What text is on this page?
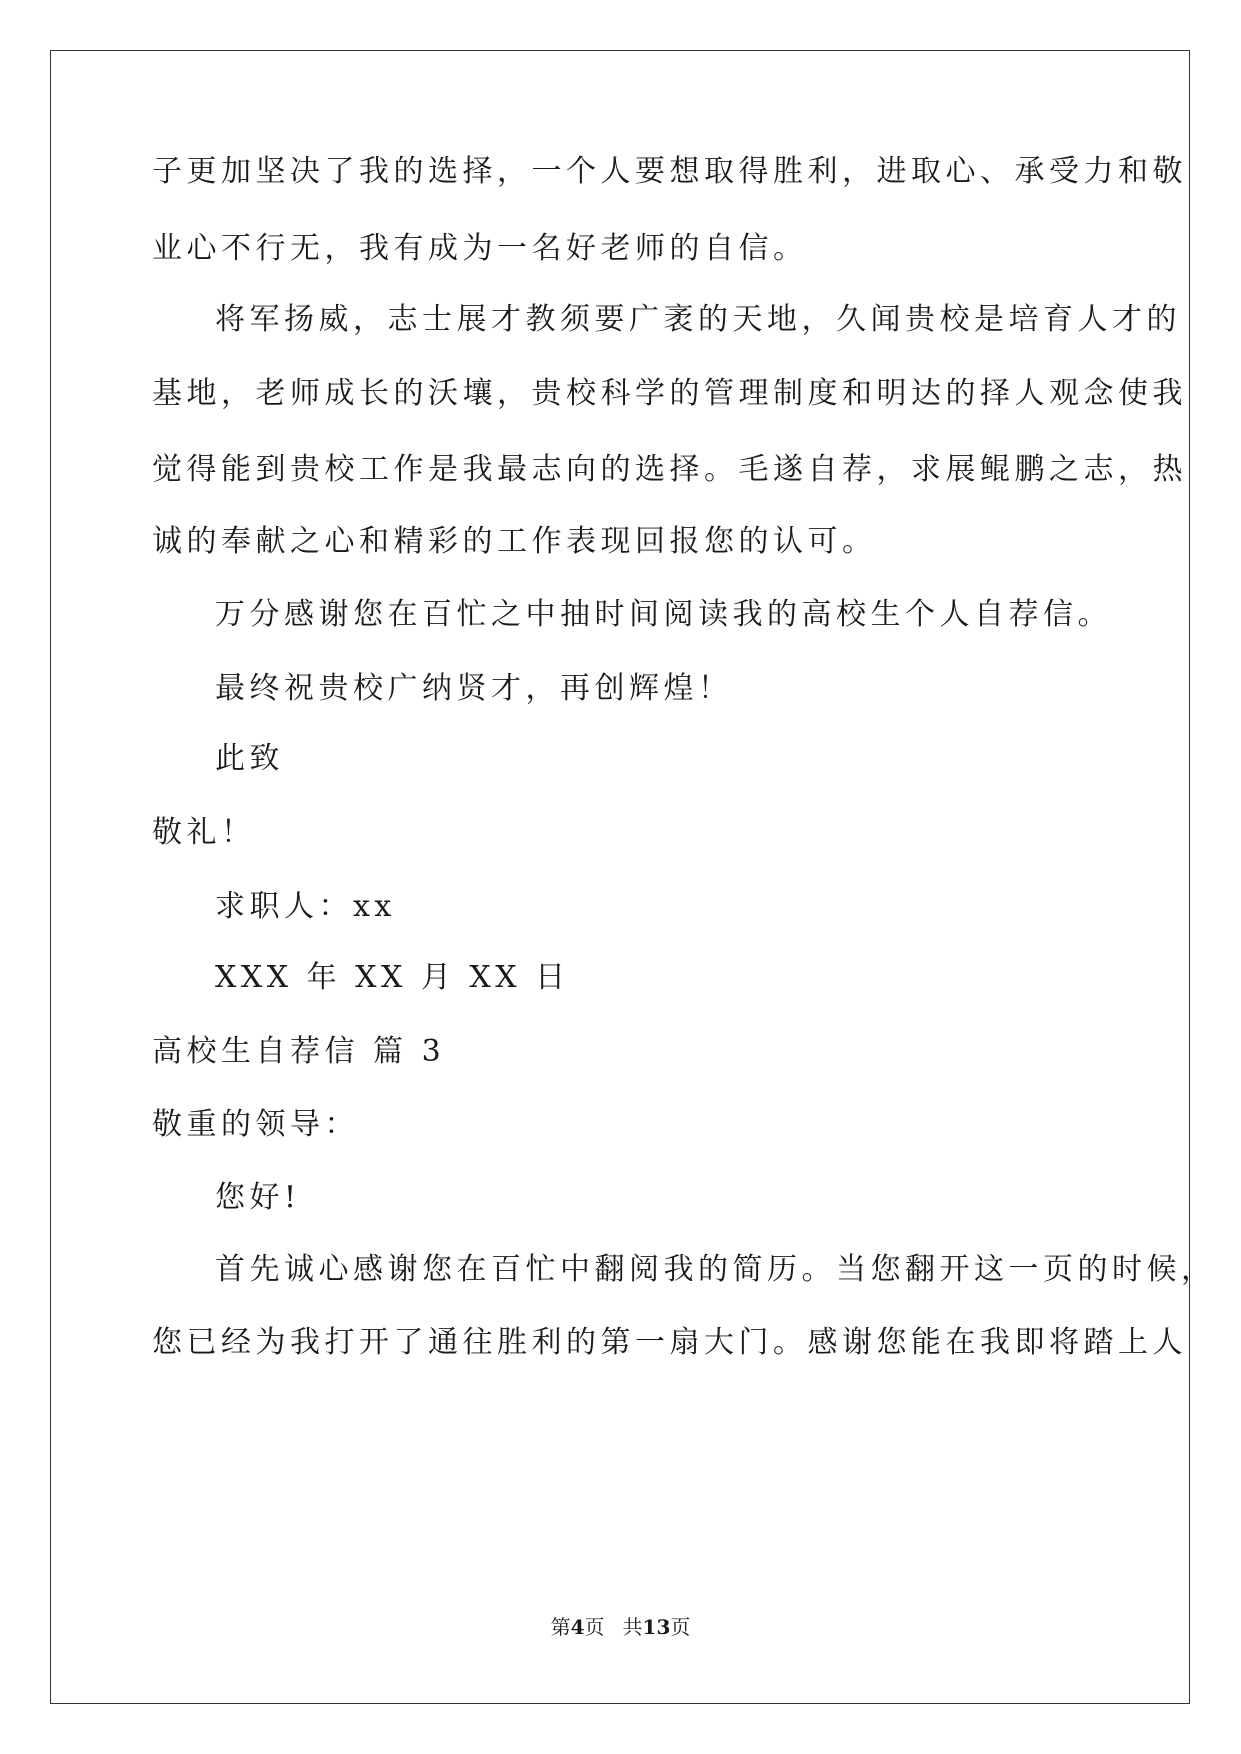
子更加坚决了我的选择，一个人要想取得胜利，进取心、承受力和敬
业心不行无，我有成为一名好老师的自信。
将军扬威，志士展才教须要广袤的天地，久闻贵校是培育人才的
基地，老师成长的沃壤，贵校科学的管理制度和明达的择人观念使我
觉得能到贵校工作是我最志向的选择。毛遂自荐，求展鲲鹏之志，热
诚的奉献之心和精彩的工作表现回报您的认可。
万分感谢您在百忙之中抽时间阅读我的高校生个人自荐信。
最终祝贵校广纳贤才，再创辉煌！
此致
敬礼！
求职人：xx
XXX 年 XX 月 XX 日
高校生自荐信 篇 3
敬重的领导：
您好!
首先诚心感谢您在百忙中翻阅我的简历。当您翻开这一页的时候，
您已经为我打开了通往胜利的第一扇大门。感谢您能在我即将踏上人
第4页 共13页
